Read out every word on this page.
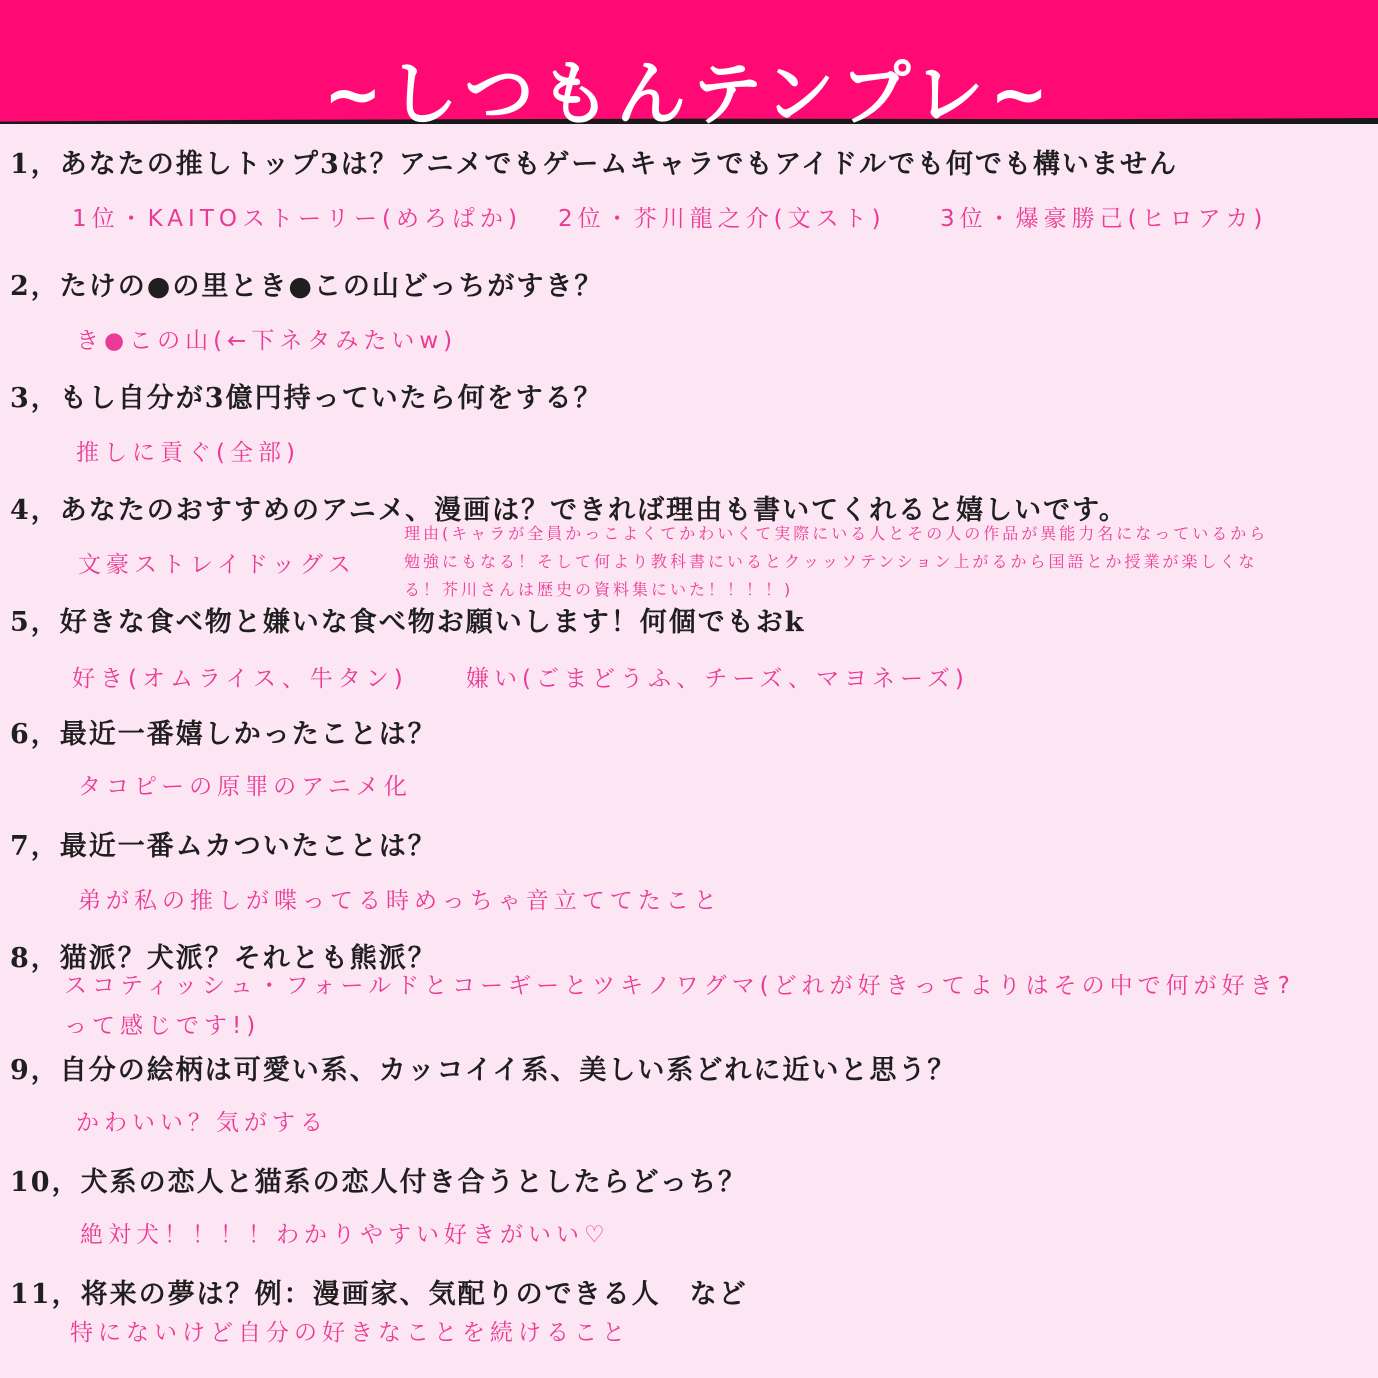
~しつもんテンプレ~
1，あなたの推しトップ3は？アニメでもゲームキャラでもアイドルでも何でも構いません
1位・KAITOストーリー(めろぱか) 2位・芥川龍之介(文スト) 3位・爆豪勝己(ヒロアカ)
2，たけの●の里とき●この山どっちがすき？
き●この山(←下ネタみたいw)
3，もし自分が3億円持っていたら何をする？
推しに貢ぐ(全部)
4，あなたのおすすめのアニメ、漫画は？できれば理由も書いてくれると嬉しいです。
文豪ストレイドッグス
理由(キャラが全員かっこよくてかわいくて実際にいる人とその人の作品が異能力名になっているから勉強にもなる！そして何より教科書にいるとクッッソテンション上がるから国語とか授業が楽しくなる！芥川さんは歴史の資料集にいた！！！！)
5，好きな食べ物と嫌いな食べ物お願いします！何個でもおk
好き(オムライス、牛タン)	嫌い(ごまどうふ、チーズ、マヨネーズ)
6，最近一番嬉しかったことは？
タコピーの原罪のアニメ化
7，最近一番ムカついたことは？
弟が私の推しが喋ってる時めっちゃ音立ててたこと
8，猫派？犬派？それとも熊派？
スコティッシュ・フォールドとコーギーとツキノワグマ(どれが好きってよりはその中で何が好き?って感じです!)
9，自分の絵柄は可愛い系、カッコイイ系、美しい系どれに近いと思う？
かわいい？気がする
10，犬系の恋人と猫系の恋人付き合うとしたらどっち？
絶対犬！！！！わかりやすい好きがいい♡
11，将来の夢は？例：漫画家、気配りのできる人　など
特にないけど自分の好きなことを続けること
